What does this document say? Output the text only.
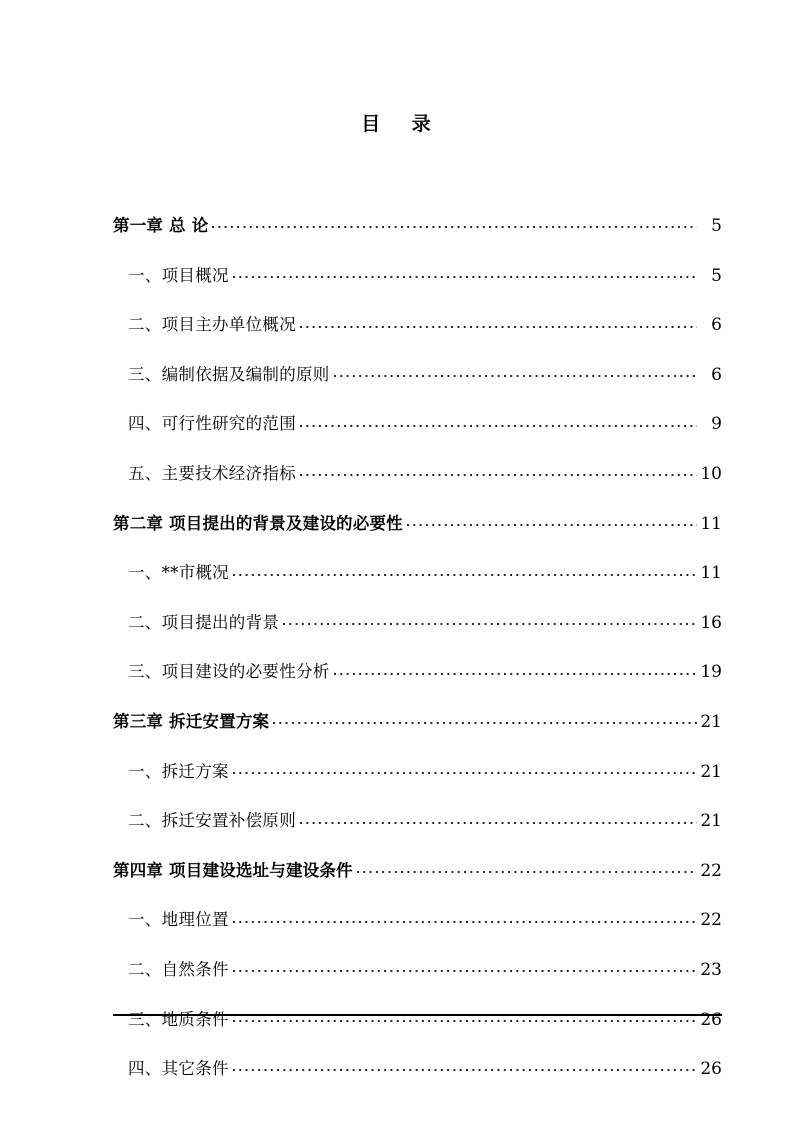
目    录
第一章 总 论	5
一、项目概况	5
二、项目主办单位概况	6
三、编制依据及编制的原则	6
四、可行性研究的范围	9
五、主要技术经济指标	10
第二章 项目提出的背景及建设的必要性	11
一、**市概况	11
二、项目提出的背景	16
三、项目建设的必要性分析	19
第三章 拆迁安置方案	21
一、拆迁方案	21
二、拆迁安置补偿原则	21
第四章 项目建设选址与建设条件	22
一、地理位置	22
二、自然条件	23
三、地质条件	26
四、其它条件	26
